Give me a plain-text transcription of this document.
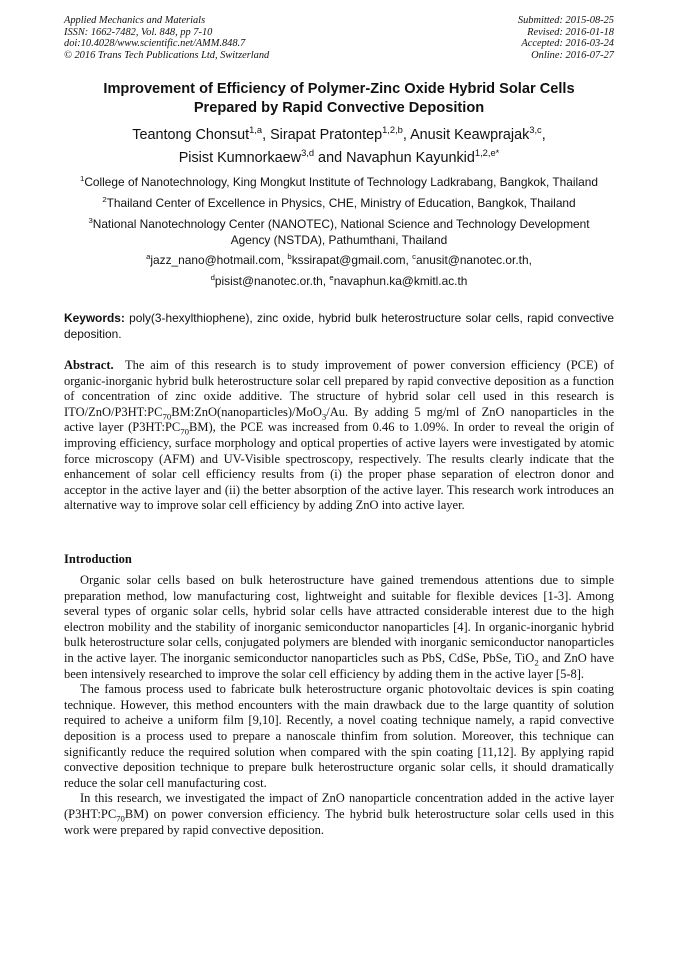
Applied Mechanics and Materials
ISSN: 1662-7482, Vol. 848, pp 7-10
doi:10.4028/www.scientific.net/AMM.848.7
© 2016 Trans Tech Publications Ltd, Switzerland
Submitted: 2015-08-25
Revised: 2016-01-18
Accepted: 2016-03-24
Online: 2016-07-27
Improvement of Efficiency of Polymer-Zinc Oxide Hybrid Solar Cells
Prepared by Rapid Convective Deposition
Teantong Chonsut$^{1,a}$, Sirapat Pratontep$^{1,2,b}$, Anusit Keawprajak$^{3,c}$,
Pisist Kumnorkaew$^{3,d}$ and Navaphun Kayunkid$^{1,2,e*}$
$^1$College of Nanotechnology, King Mongkut Institute of Technology Ladkrabang, Bangkok, Thailand
$^2$Thailand Center of Excellence in Physics, CHE, Ministry of Education, Bangkok, Thailand
$^3$National Nanotechnology Center (NANOTEC), National Science and Technology Development Agency (NSTDA), Pathumthani, Thailand
$^a$jazz_nano@hotmail.com, $^b$kssirapat@gmail.com, $^c$anusit@nanotec.or.th,
$^d$pisist@nanotec.or.th, $^e$navaphun.ka@kmitl.ac.th
Keywords: poly(3-hexylthiophene), zinc oxide, hybrid bulk heterostructure solar cells, rapid convective deposition.
Abstract. The aim of this research is to study improvement of power conversion efficiency (PCE) of organic-inorganic hybrid bulk heterostructure solar cell prepared by rapid convective deposition as a function of concentration of zinc oxide additive. The structure of hybrid solar cell used in this research is ITO/$ZnO/P3HT:PC_{70}BM:ZnO(nanoparticles)/MoO_3/Au$. By adding 5 mg/ml of ZnO nanoparticles in the active layer $(P3HT:PC_{70}BM)$, the PCE was increased from 0.46 to 1.09%. In order to reveal the origin of improving efficiency, surface morphology and optical properties of active layers were investigated by atomic force microscopy (AFM) and UV-Visible spectroscopy, respectively. The results clearly indicate that the enhancement of solar cell efficiency results from (i) the proper phase separation of electron donor and acceptor in the active layer and (ii) the better absorption of the active layer. This research work introduces an alternative way to improve solar cell efficiency by adding ZnO into active layer.
Introduction

Organic solar cells based on bulk heterostructure have gained tremendous attentions due to simple preparation method, low manufacturing cost, lightweight and suitable for flexible devices [1-3]. Among several types of organic solar cells, hybrid solar cells have attracted considerable interest due to the high electron mobility and the stability of inorganic semiconductor nanoparticles [4]. In organic-inorganic hybrid bulk heterostructure solar cells, conjugated polymers are blended with inorganic semiconductor nanoparticles in the active layer. The inorganic semiconductor nanoparticles such as PbS, CdSe, PbSe, TiO$_2$ and ZnO have been intensively researched to improve the solar cell efficiency by adding them in the active layer [5-8].

The famous process used to fabricate bulk heterostructure organic photovoltaic devices is spin coating technique. However, this method encounters with the main drawback due to the large quantity of solution required to acheive a uniform film [9,10]. Recently, a novel coating technique namely, a rapid convective deposition is a process used to prepare a nanoscale thinfim from solution. Moreover, this technique can significantly reduce the required solution when compared with the spin coating [11,12]. By applying rapid convective deposition technique to prepare bulk heterostructure organic solar cells, it should dramatically reduce the solar cell manufacturing cost.

In this research, we investigated the impact of ZnO nanoparticle concentration added in the active layer $(P3HT:PC_{70}BM)$ on power conversion efficiency. The hybrid bulk heterostructure solar cells used in this work were prepared by rapid convective deposition.
